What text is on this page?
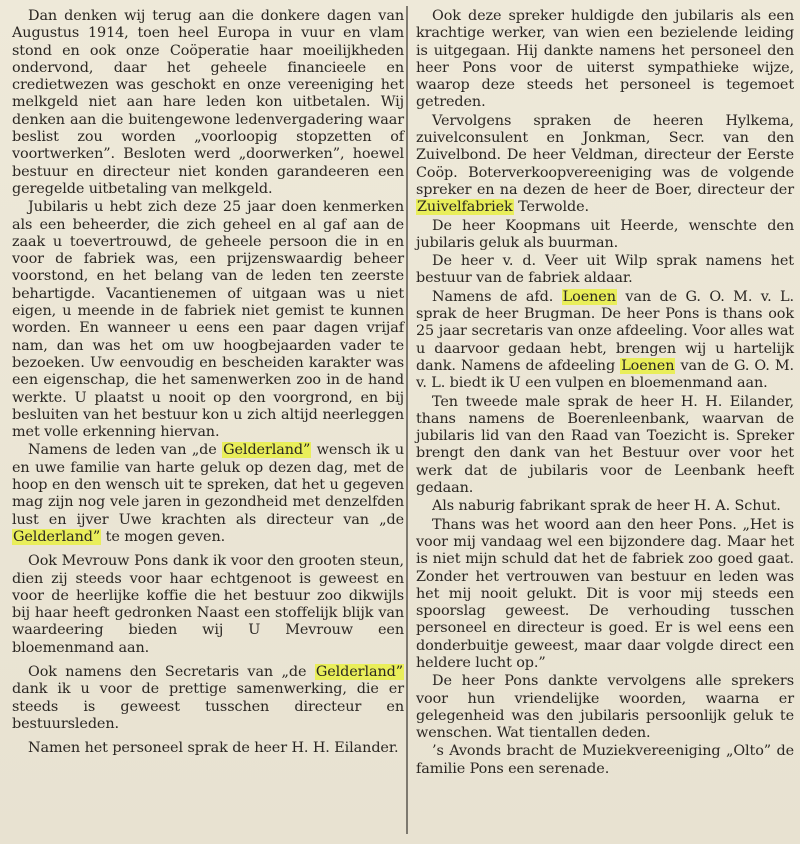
Dan denken wij terug aan die donkere dagen van Augustus 1914, toen heel Europa in vuur en vlam stond en ook onze Coöperatie haar moeilijkheden ondervond, daar het geheele financieele en credietwezen was geschokt en onze vereeniging het melkgeld niet aan hare leden kon uitbetalen. Wij denken aan die buitengewone ledenvergadering waar beslist zou worden „voorloopig stopzetten of voortwerken”. Besloten werd „doorwerken”, hoewel bestuur en directeur niet konden garandeeren een geregelde uitbetaling van melkgeld.

Jubilaris u hebt zich deze 25 jaar doen kenmerken als een beheerder, die zich geheel en al gaf aan de zaak u toevertrouwd, de geheele persoon die in en voor de fabriek was, een prijzenswaardig beheer voorstond, en het belang van de leden ten zeerste behartigde. Vacantienemen of uitgaan was u niet eigen, u meende in de fabriek niet gemist te kunnen worden. En wanneer u eens een paar dagen vrijaf nam, dan was het om uw hoogbejaarden vader te bezoeken. Uw eenvoudig en bescheiden karakter was een eigenschap, die het samenwerken zoo in de hand werkte. U plaatst u nooit op den voorgrond, en bij besluiten van het bestuur kon u zich altijd neerleggen met volle erkenning hiervan.

Namens de leden van „de Gelderland” wensch ik u en uwe familie van harte geluk op dezen dag, met de hoop en den wensch uit te spreken, dat het u gegeven mag zijn nog vele jaren in gezondheid met denzelfden lust en ijver Uwe krachten als directeur van „de Gelderland” te mogen geven.

Ook Mevrouw Pons dank ik voor den grooten steun, dien zij steeds voor haar echtgenoot is geweest en voor de heerlijke koffie die het bestuur zoo dikwijls bij haar heeft gedronken Naast een stoffelijk blijk van waardeering bieden wij U Mevrouw een bloemenmand aan.

Ook namens den Secretaris van „de Gelderland” dank ik u voor de prettige samenwerking, die er steeds is geweest tusschen directeur en bestuursleden.

Namen het personeel sprak de heer H. H. Eilander.

Ook deze spreker huldigde den jubilaris als een krachtige werker, van wien een bezielende leiding is uitgegaan. Hij dankte namens het personeel den heer Pons voor de uiterst sympathieke wijze, waarop deze steeds het personeel is tegemoet getreden.

Vervolgens spraken de heeren Hylkema, zuivelconsulent en Jonkman, Secr. van den Zuivelbond. De heer Veldman, directeur der Eerste Coöp. Boterverkoopvereeniging was de volgende spreker en na dezen de heer de Boer, directeur der Zuivelfabriek Terwolde.

De heer Koopmans uit Heerde, wenschte den jubilaris geluk als buurman.

De heer v. d. Veer uit Wilp sprak namens het bestuur van de fabriek aldaar.

Namens de afd. Loenen van de G. O. M. v. L. sprak de heer Brugman. De heer Pons is thans ook 25 jaar secretaris van onze afdeeling. Voor alles wat u daarvoor gedaan hebt, brengen wij u hartelijk dank. Namens de afdeeling Loenen van de G. O. M. v. L. biedt ik U een vulpen en bloemenmand aan.

Ten tweede male sprak de heer H. H. Eilander, thans namens de Boerenleenbank, waarvan de jubilaris lid van den Raad van Toezicht is. Spreker brengt den dank van het Bestuur over voor het werk dat de jubilaris voor de Leenbank heeft gedaan.

Als naburig fabrikant sprak de heer H. A. Schut.

Thans was het woord aan den heer Pons. „Het is voor mij vandaag wel een bijzondere dag. Maar het is niet mijn schuld dat het de fabriek zoo goed gaat. Zonder het vertrouwen van bestuur en leden was het mij nooit gelukt. Dit is voor mij steeds een spoorslag geweest. De verhouding tusschen personeel en directeur is goed. Er is wel eens een donderbuitje geweest, maar daar volgde direct een heldere lucht op.”

De heer Pons dankte vervolgens alle sprekers voor hun vriendelijke woorden, waarna er gelegenheid was den jubilaris persoonlijk geluk te wenschen. Wat tientallen deden.

’s Avonds bracht de Muziekvereeniging „Olto” de familie Pons een serenade.
